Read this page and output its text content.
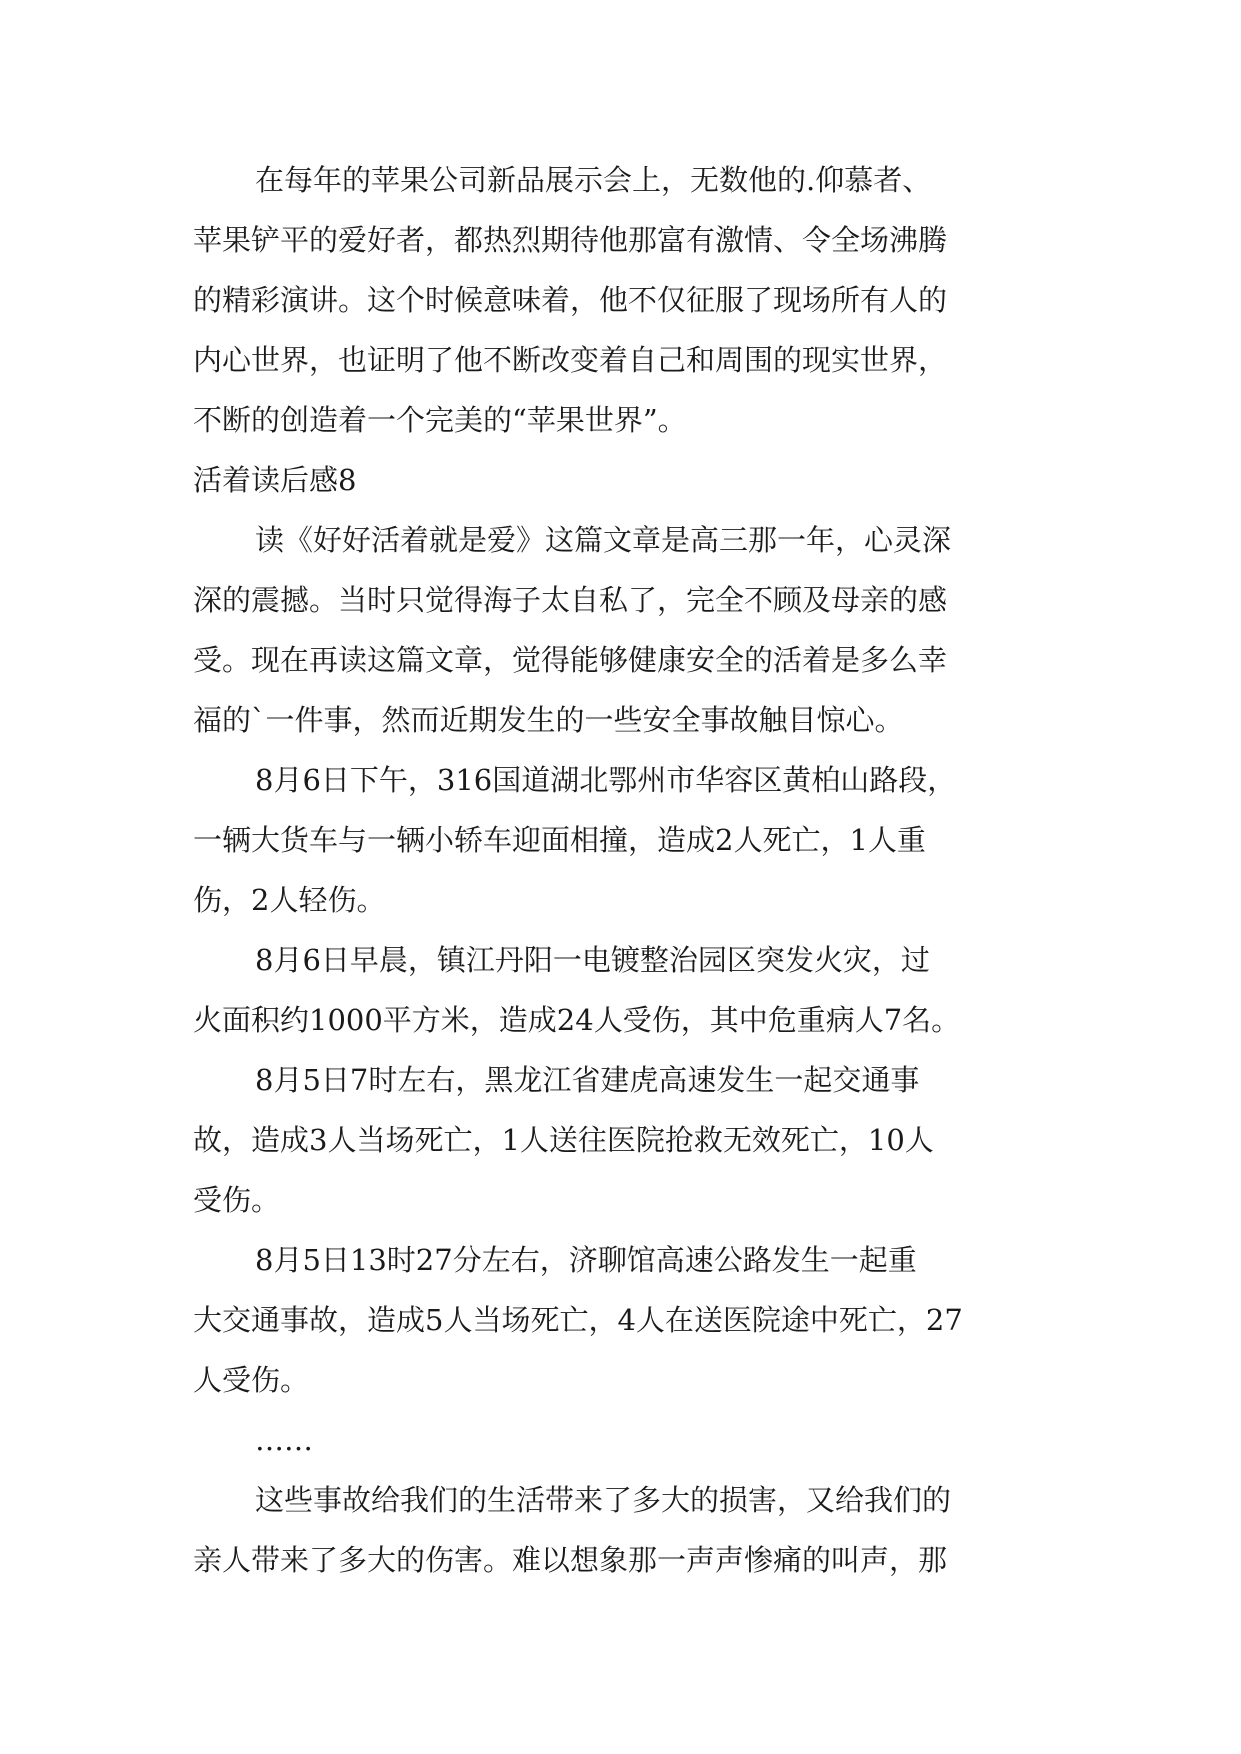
在每年的苹果公司新品展示会上，无数他的.仰慕者、
苹果铲平的爱好者，都热烈期待他那富有激情、令全场沸腾
的精彩演讲。这个时候意味着，他不仅征服了现场所有人的
内心世界，也证明了他不断改变着自己和周围的现实世界，
不断的创造着一个完美的“苹果世界”。
活着读后感8
读《好好活着就是爱》这篇文章是高三那一年，心灵深
深的震撼。当时只觉得海子太自私了，完全不顾及母亲的感
受。现在再读这篇文章，觉得能够健康安全的活着是多么幸
福的`一件事，然而近期发生的一些安全事故触目惊心。
8月6日下午，316国道湖北鄂州市华容区黄柏山路段，
一辆大货车与一辆小轿车迎面相撞，造成2人死亡，1人重
伤，2人轻伤。
8月6日早晨，镇江丹阳一电镀整治园区突发火灾，过
火面积约1000平方米，造成24人受伤，其中危重病人7名。
8月5日7时左右，黑龙江省建虎高速发生一起交通事
故，造成3人当场死亡，1人送往医院抢救无效死亡，10人
受伤。
8月5日13时27分左右，济聊馆高速公路发生一起重
大交通事故，造成5人当场死亡，4人在送医院途中死亡，27
人受伤。
……
这些事故给我们的生活带来了多大的损害，又给我们的
亲人带来了多大的伤害。难以想象那一声声惨痛的叫声，那
